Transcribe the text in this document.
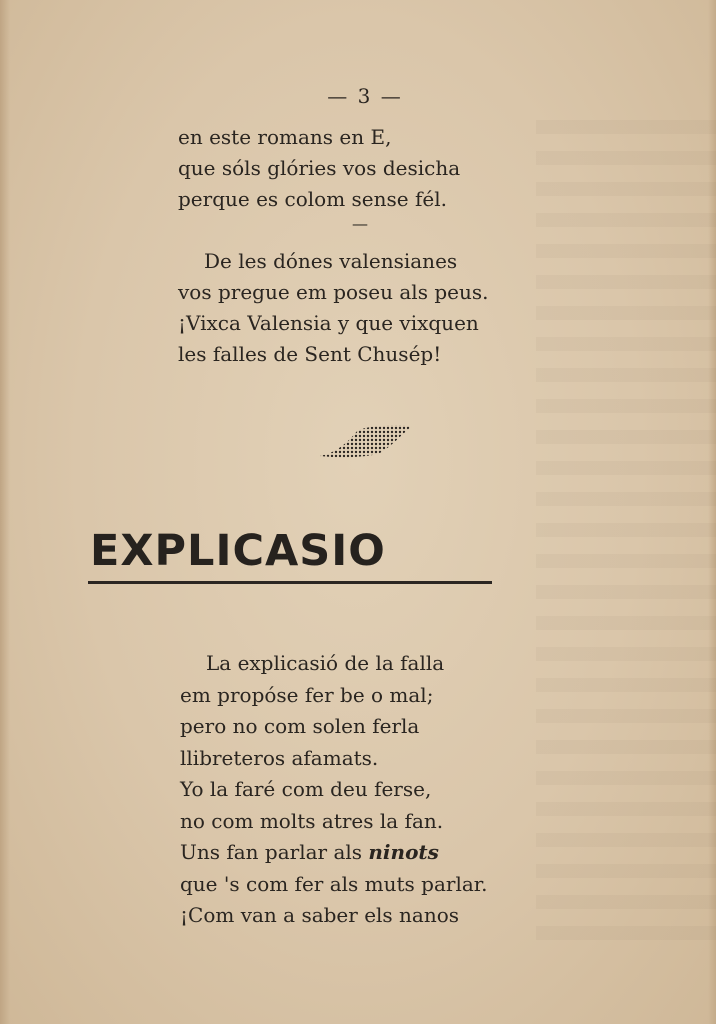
— 3 —

en este romans en E,
que sóls glóries vos desicha
perque es colom sense fél.

—

De les dónes valensianes
vos pregue em poseu als peus.
¡Vixca Valensia y que vixquen
les falles de Sent Chusép!

EXPLICASIO

La explicasió de la falla
em propóse fer be o mal;
pero no com solen ferla
llibreteros afamats.
Yo la faré com deu ferse,
no com molts atres la fan.
Uns fan parlar als ninots
que 's com fer als muts parlar.
¡Com van a saber els nanos
